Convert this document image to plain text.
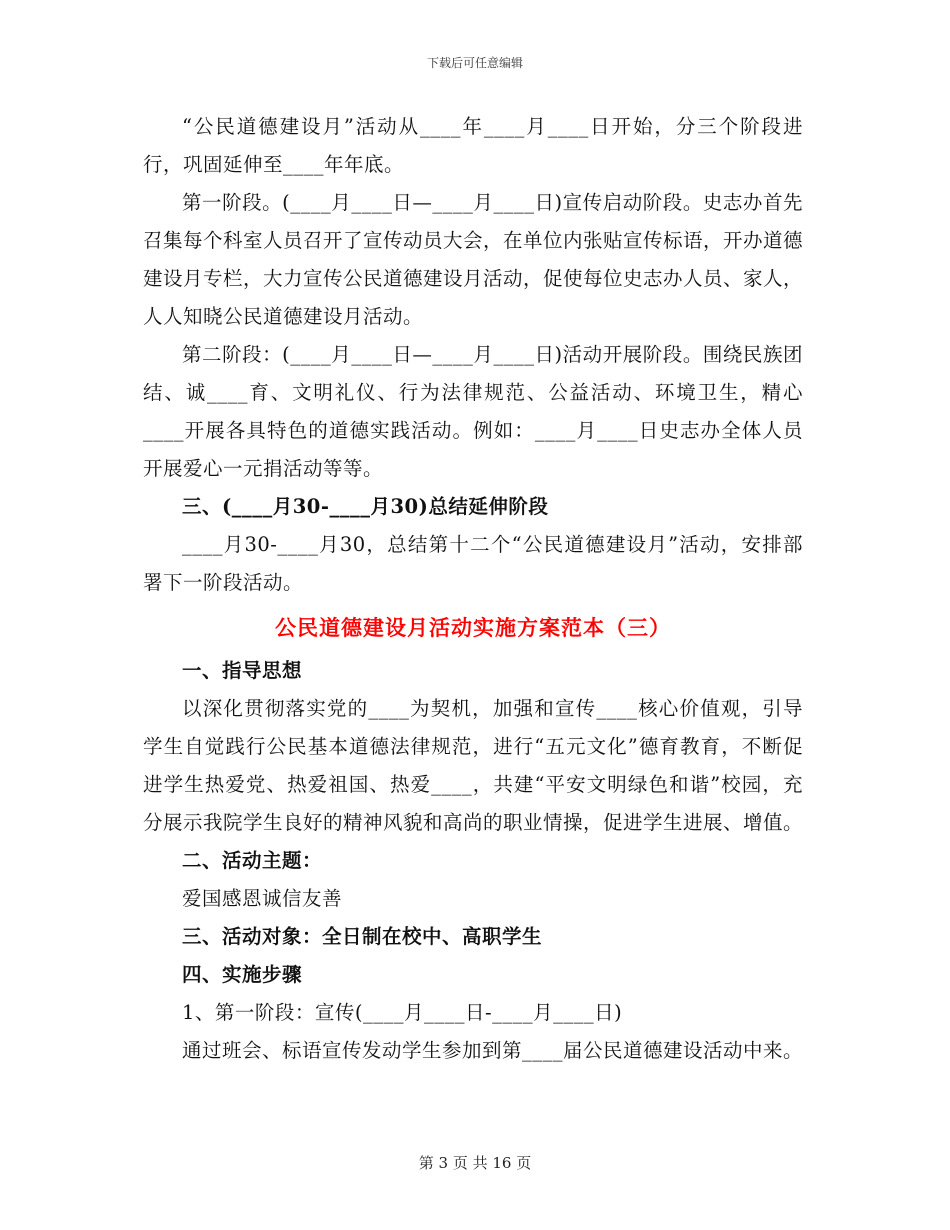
下载后可任意编辑

“公民道德建设月”活动从____年____月____日开始，分三个阶段进行，巩固延伸至____年年底。

第一阶段。(____月____日—____月____日)宣传启动阶段。史志办首先召集每个科室人员召开了宣传动员大会，在单位内张贴宣传标语，开办道德建设月专栏，大力宣传公民道德建设月活动，促使每位史志办人员、家人，人人知晓公民道德建设月活动。

第二阶段：(____月____日—____月____日)活动开展阶段。围绕民族团结、诚____育、文明礼仪、行为法律规范、公益活动、环境卫生，精心____开展各具特色的道德实践活动。例如：____月____日史志办全体人员开展爱心一元捐活动等等。

三、(____月30-____月30)总结延伸阶段

____月30-____月30，总结第十二个“公民道德建设月”活动，安排部署下一阶段活动。

公民道德建设月活动实施方案范本（三）

一、指导思想

以深化贯彻落实党的____为契机，加强和宣传____核心价值观，引导学生自觉践行公民基本道德法律规范，进行“五元文化”德育教育，不断促进学生热爱党、热爱祖国、热爱____，共建“平安文明绿色和谐”校园，充分展示我院学生良好的精神风貌和高尚的职业情操，促进学生进展、增值。

二、活动主题：

爱国感恩诚信友善

三、活动对象：全日制在校中、高职学生

四、实施步骤

1、第一阶段：宣传(____月____日-____月____日)

通过班会、标语宣传发动学生参加到第____届公民道德建设活动中来。

第 3 页 共 16 页
